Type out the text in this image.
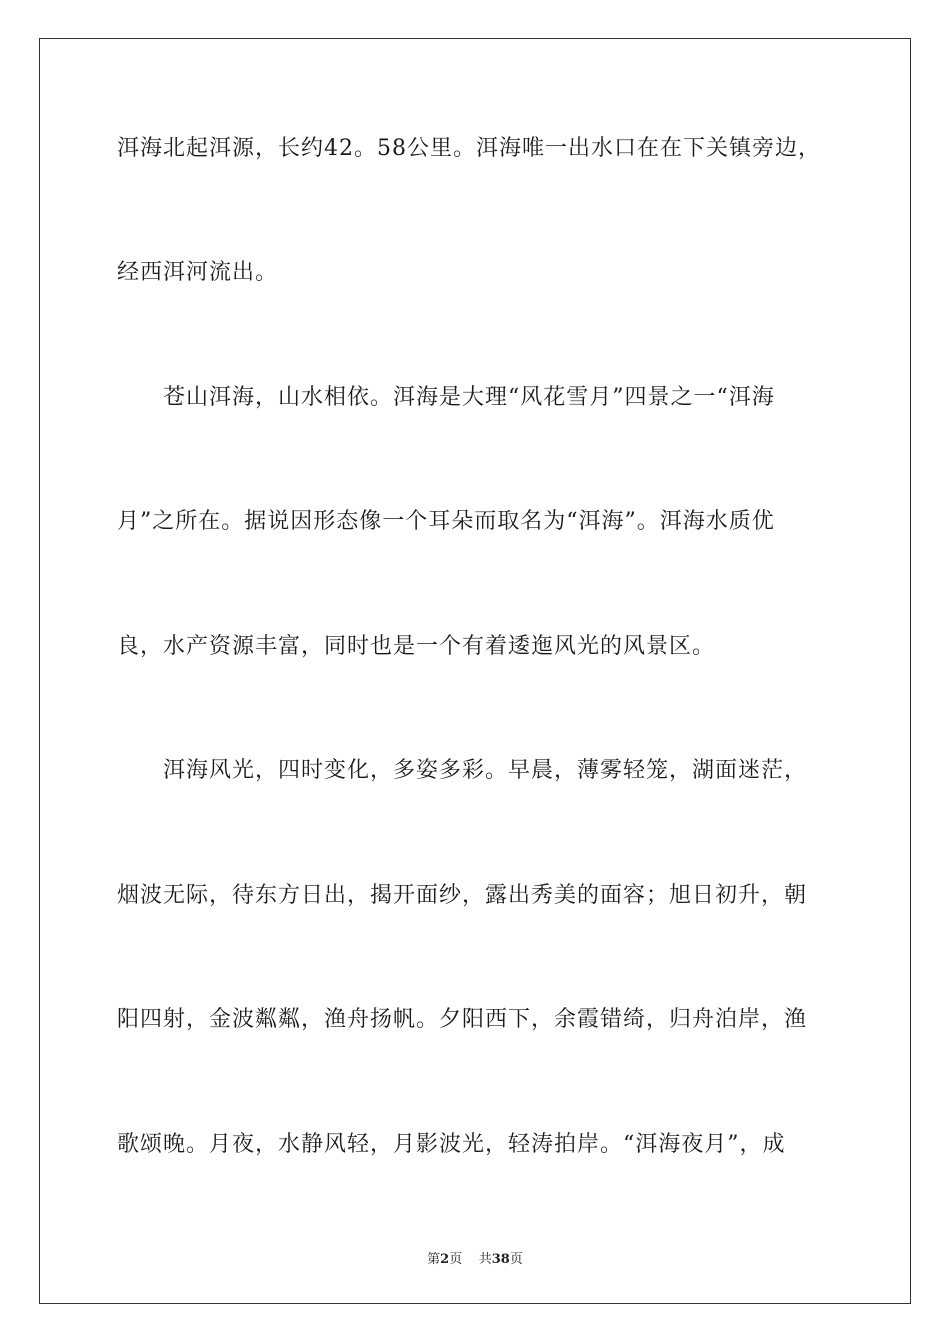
洱海北起洱源，长约42。58公里。洱海唯一出水口在在下关镇旁边，
经西洱河流出。
苍山洱海，山水相依。洱海是大理“风花雪月”四景之一“洱海
月”之所在。据说因形态像一个耳朵而取名为“洱海”。洱海水质优
良，水产资源丰富，同时也是一个有着逶迤风光的风景区。
洱海风光，四时变化，多姿多彩。早晨，薄雾轻笼，湖面迷茫，
烟波无际，待东方日出，揭开面纱，露出秀美的面容；旭日初升，朝
阳四射，金波粼粼，渔舟扬帆。夕阳西下，余霞错绮，归舟泊岸，渔
歌颂晚。月夜，水静风轻，月影波光，轻涛拍岸。“洱海夜月”，成
第2页 共38页
